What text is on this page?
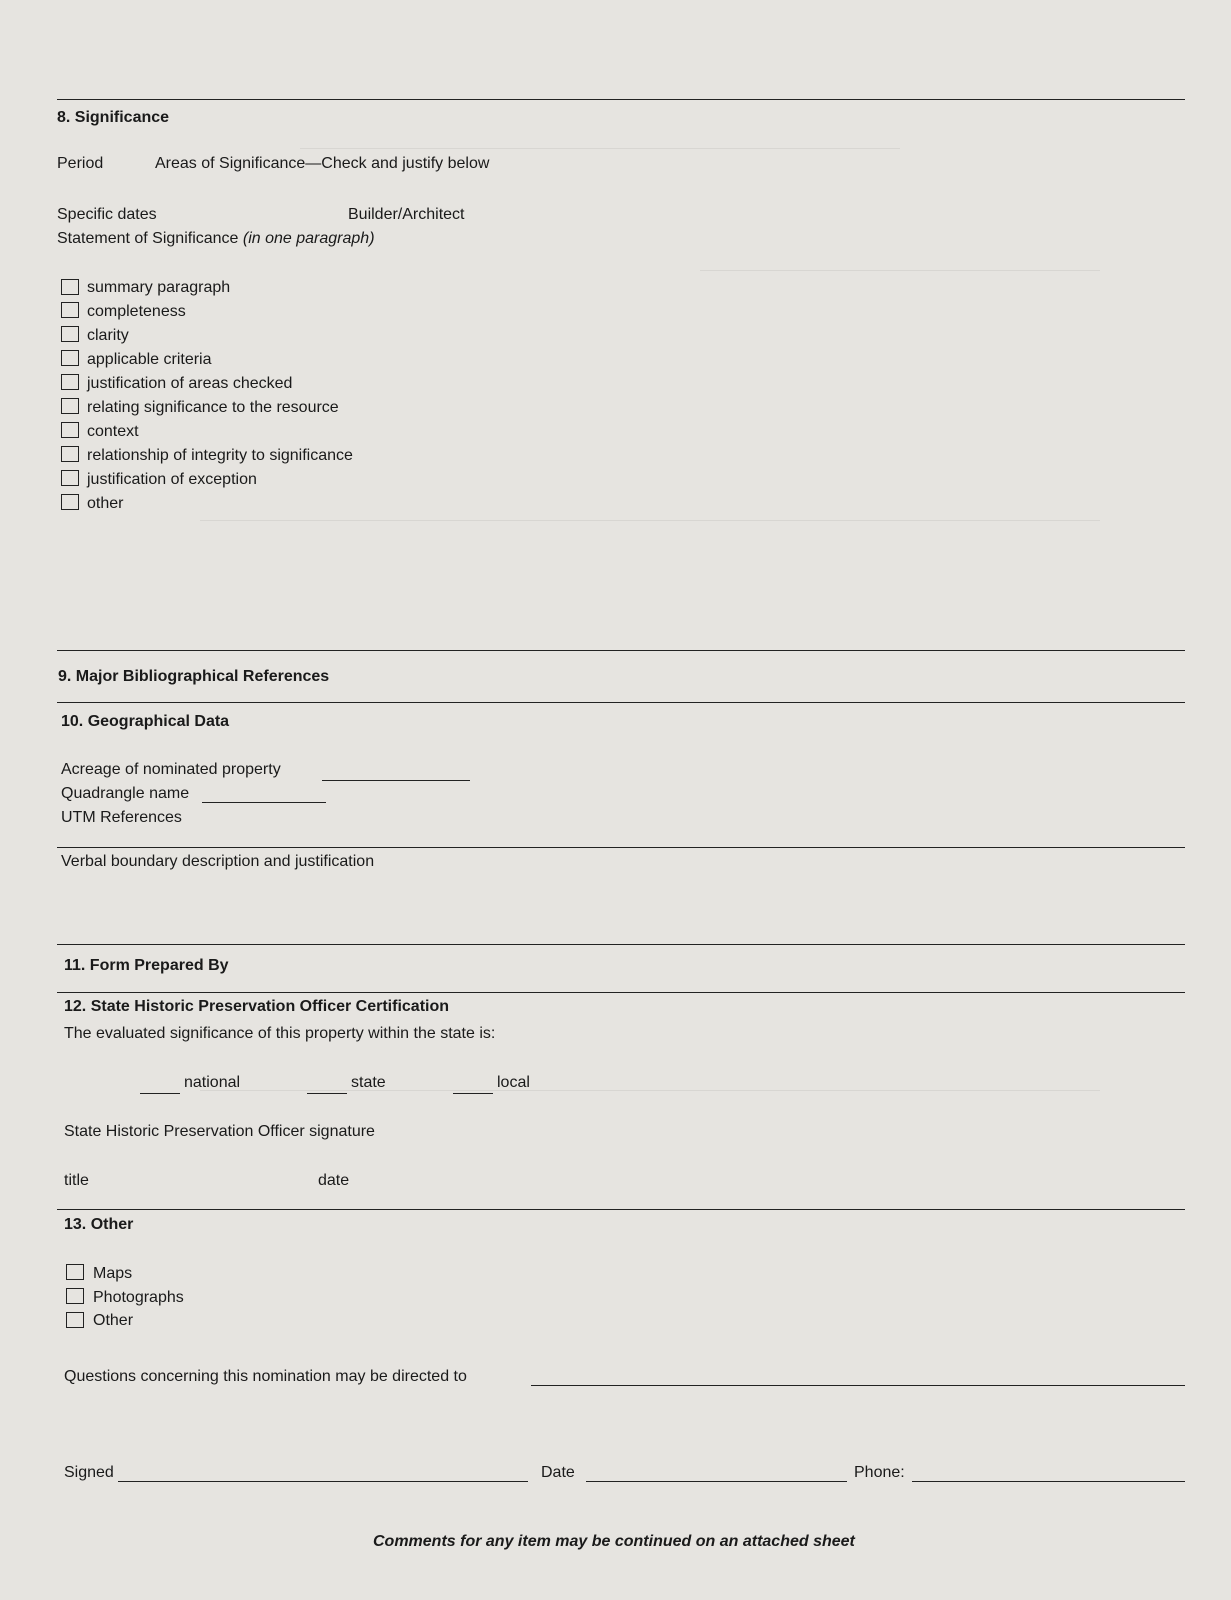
8. Significance
Period	Areas of Significance—Check and justify below
Specific dates	Builder/Architect
Statement of Significance (in one paragraph)
summary paragraph
completeness
clarity
applicable criteria
justification of areas checked
relating significance to the resource
context
relationship of integrity to significance
justification of exception
other
9. Major Bibliographical References
10. Geographical Data
Acreage of nominated property
Quadrangle name
UTM References
Verbal boundary description and justification
11. Form Prepared By
12. State Historic Preservation Officer Certification
The evaluated significance of this property within the state is:
national	state	local
State Historic Preservation Officer signature
title	date
13. Other
Maps
Photographs
Other
Questions concerning this nomination may be directed to
Signed	Date	Phone:
Comments for any item may be continued on an attached sheet
